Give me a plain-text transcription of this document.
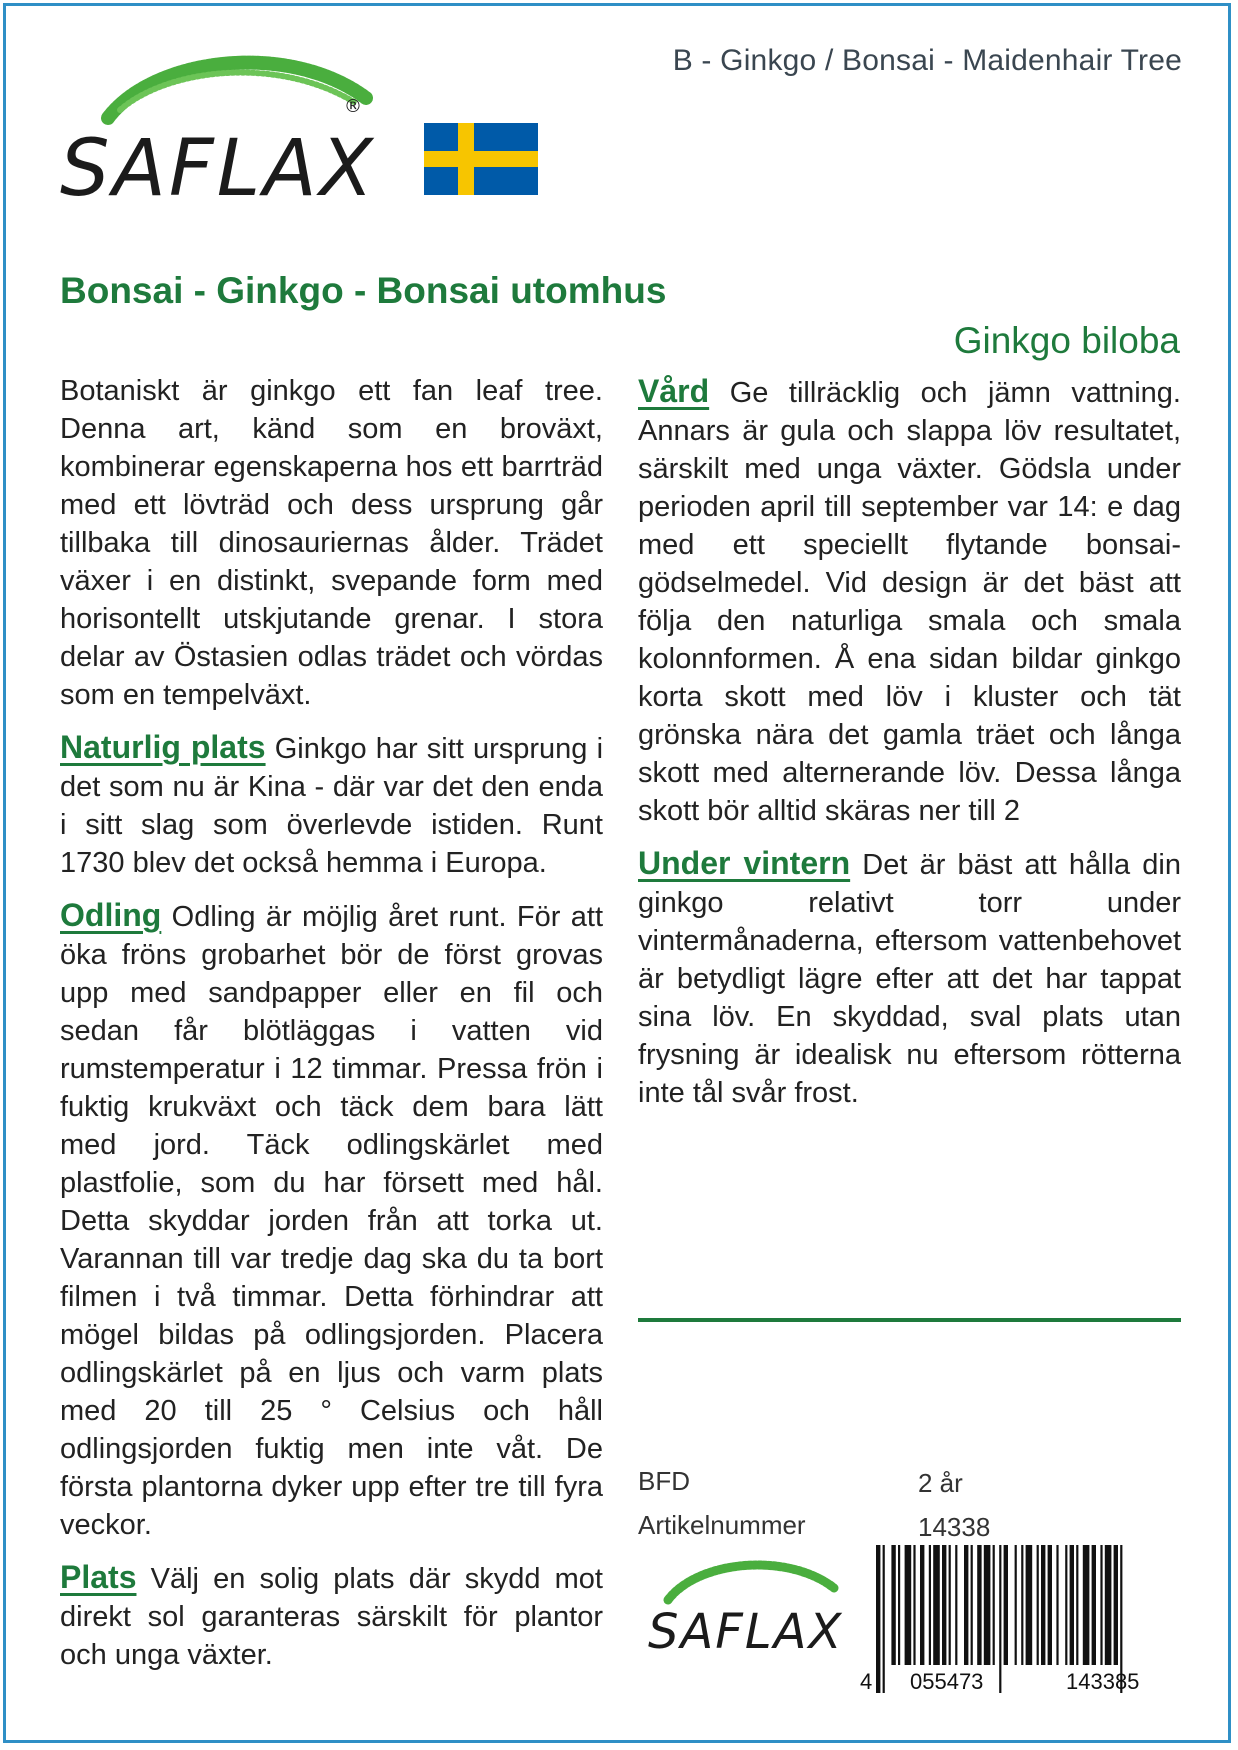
B - Ginkgo / Bonsai - Maidenhair Tree
SAFLAX
®
Bonsai - Ginkgo - Bonsai utomhus
Ginkgo biloba

Botaniskt är ginkgo ett fan leaf tree. Denna art, känd som en broväxt, kombinerar egenskaperna hos ett barrträd med ett lövträd och dess ursprung går tillbaka till dinosauriernas ålder. Trädet växer i en distinkt, svepande form med horisontellt utskjutande grenar. I stora delar av Östasien odlas trädet och vördas som en tempelväxt.

Naturlig plats Ginkgo har sitt ursprung i det som nu är Kina - där var det den enda i sitt slag som överlevde istiden. Runt 1730 blev det också hemma i Europa.

Odling Odling är möjlig året runt. För att öka fröns grobarhet bör de först grovas upp med sandpapper eller en fil och sedan får blötläggas i vatten vid rumstemperatur i 12 timmar. Pressa frön i fuktig krukväxt och täck dem bara lätt med jord. Täck odlingskärlet med plastfolie, som du har försett med hål. Detta skyddar jorden från att torka ut. Varannan till var tredje dag ska du ta bort filmen i två timmar. Detta förhindrar att mögel bildas på odlingsjorden. Placera odlingskärlet på en ljus och varm plats med 20 till 25 ° Celsius och håll odlingsjorden fuktig men inte våt. De första plantorna dyker upp efter tre till fyra veckor.

Plats Välj en solig plats där skydd mot direkt sol garanteras särskilt för plantor och unga växter.

Vård Ge tillräcklig och jämn vattning. Annars är gula och slappa löv resultatet, särskilt med unga växter. Gödsla under perioden april till september var 14: e dag med ett speciellt flytande bonsai-gödselmedel. Vid design är det bäst att följa den naturliga smala och smala kolonnformen. Å ena sidan bildar ginkgo korta skott med löv i kluster och tät grönska nära det gamla träet och långa skott med alternerande löv. Dessa långa skott bör alltid skäras ner till 2

Under vintern Det är bäst att hålla din ginkgo relativt torr under vintermånaderna, eftersom vattenbehovet är betydligt lägre efter att det har tappat sina löv. En skyddad, sval plats utan frysning är idealisk nu eftersom rötterna inte tål svår frost.

BFD	2 år
Artikelnummer	14338
SAFLAX
4 055473	143385
